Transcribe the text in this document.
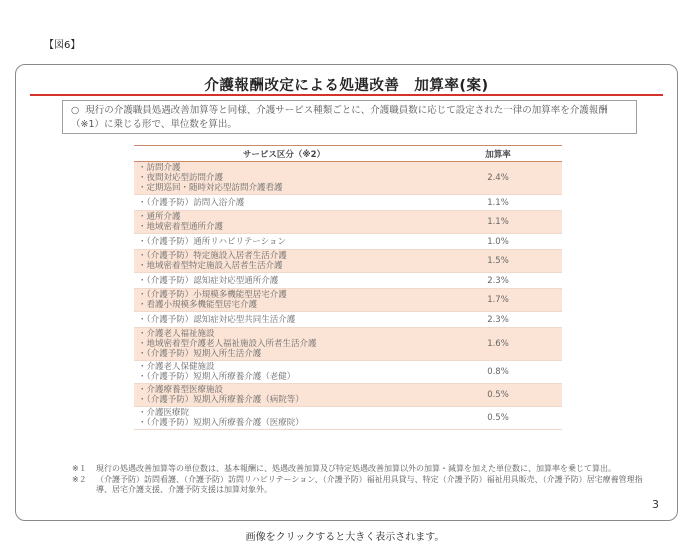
【図6】
介護報酬改定による処遇改善　加算率(案)
○ 現行の介護職員処遇改善加算等と同様、介護サービス種類ごとに、介護職員数に応じて設定された一律の加算率を介護報酬（※1）に乗じる形で、単位数を算出。
サービス区分（※2）	加算率

・訪問介護
・夜間対応型訪問介護
・定期巡回・随時対応型訪問介護看護	2.4%

・（介護予防）訪問入浴介護	1.1%

・通所介護
・地域密着型通所介護	1.1%

・（介護予防）通所リハビリテーション	1.0%

・（介護予防）特定施設入居者生活介護
・地域密着型特定施設入居者生活介護	1.5%

・（介護予防）認知症対応型通所介護	2.3%

・（介護予防）小規模多機能型居宅介護
・看護小規模多機能型居宅介護	1.7%

・（介護予防）認知症対応型共同生活介護	2.3%

・介護老人福祉施設
・地域密着型介護老人福祉施設入所者生活介護
・（介護予防）短期入所生活介護	1.6%

・介護老人保健施設
・（介護予防）短期入所療養介護（老健）	0.8%

・介護療養型医療施設
・（介護予防）短期入所療養介護（病院等）	0.5%

・介護医療院
・（介護予防）短期入所療養介護（医療院）	0.5%
※１	現行の処遇改善加算等の単位数は、基本報酬に、処遇改善加算及び特定処遇改善加算以外の加算・減算を加えた単位数に、加算率を乗じて算出。
※２	（介護予防）訪問看護、（介護予防）訪問リハビリテーション、（介護予防）福祉用具貸与、特定（介護予防）福祉用具販売、（介護予防）居宅療養管理指導、居宅介護支援、介護予防支援は加算対象外。
3
画像をクリックすると大きく表示されます。
